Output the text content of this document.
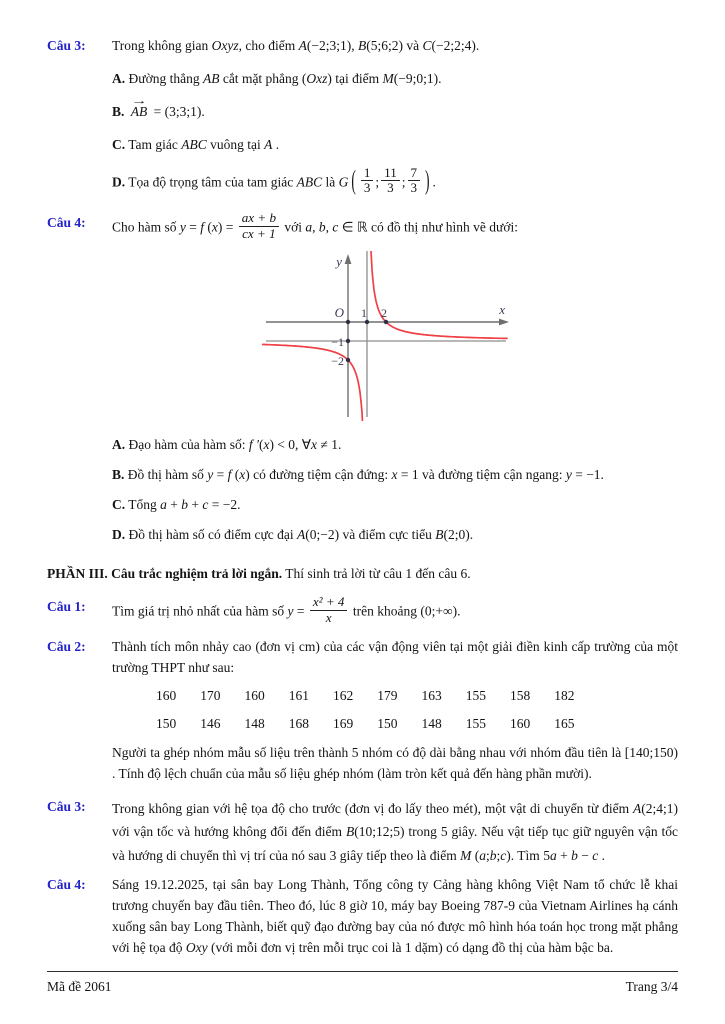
Câu 3:	Trong không gian Oxyz, cho điểm A(−2;3;1), B(5;6;2) và C(−2;2;4).

A. Đường thẳng AB cắt mặt phẳng (Oxz) tại điểm M(−9;0;1).

B.
→
AB = (3;3;1).

C. Tam giác ABC vuông tại A .

D. Tọa độ trọng tâm của tam giác ABC là G ( $\frac{1}{3}$ ; $\frac{11}{3}$ ; $\frac{7}{3}$ ) .

Câu 4:	Cho hàm số y = f $(x) = \frac{ax + b}{cx + 1}$ với a, b, c ∈ ℝ có đồ thị như hình vẽ dưới:

y
x
O 1 2
−1
−2

A. Đạo hàm của hàm số: f ′(x) < 0, ∀x ≠ 1.

B. Đồ thị hàm số y = f (x) có đường tiệm cận đứng: x = 1 và đường tiệm cận ngang: y = −1.

C. Tổng a + b + c = −2.

D. Đồ thị hàm số có điểm cực đại A(0;−2) và điểm cực tiểu B(2;0).

PHẦN III. Câu trắc nghiệm trả lời ngắn. Thí sinh trả lời từ câu 1 đến câu 6.

Câu 1:	Tìm giá trị nhỏ nhất của hàm số $y = \frac{\text{x² + 4}}{x}$ trên khoảng (0;+∞).

Câu 2:	Thành tích môn nhảy cao (đơn vị cm) của các vận động viên tại một giải điền kinh cấp trường của một trường THPT như sau:

160 170 160 161 162 179 163 155 158 182
150 146 148 168 169 150 148 155 160 165

Người ta ghép nhóm mẫu số liệu trên thành 5 nhóm có độ dài bằng nhau với nhóm đầu tiên là [140;150) . Tính độ lệch chuẩn của mẫu số liệu ghép nhóm (làm tròn kết quả đến hàng phần mười).

Câu 3:	Trong không gian với hệ tọa độ cho trước (đơn vị đo lấy theo mét), một vật di chuyển từ điểm A(2;4;1) với vận tốc và hướng không đổi đến điểm B(10;12;5) trong 5 giây. Nếu vật tiếp tục giữ nguyên vận tốc và hướng di chuyển thì vị trí của nó sau 3 giây tiếp theo là điểm M (a;b;c). Tìm 5a + b − c .

Câu 4:	Sáng 19.12.2025, tại sân bay Long Thành, Tổng công ty Cảng hàng không Việt Nam tổ chức lễ khai trương chuyến bay đầu tiên. Theo đó, lúc 8 giờ 10, máy bay Boeing 787-9 của Vietnam Airlines hạ cánh xuống sân bay Long Thành, biết quỹ đạo đường bay của nó được mô hình hóa toán học trong mặt phẳng với hệ tọa độ Oxy (với mỗi đơn vị trên mỗi trục coi là 1 dặm) có dạng đồ thị của hàm bậc ba.

Mã đề 2061	Trang 3/4
